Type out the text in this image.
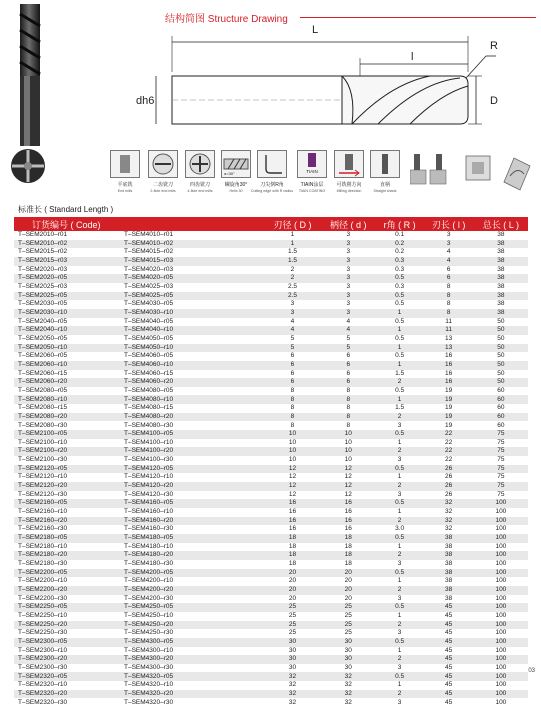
结构简图 Structure Drawing
L
l
R
dh6	D
α=30°	TIAIN
平底铣
End mills
二齿铣刀
2-flute end mills
四齿铣刀
4-flute end mills
螺旋角30°
Helix 30
刀尖倒R角
Cutting edge with R radius
TIAIN涂层
TIAIN COATING
可铣削方向
Milling direction
直柄
Straight shank
标准长 ( Standard Length )
订货编号 ( Code)		刃径 ( D )	柄径 ( d )	r角 ( R )	刃长 ( l )	总长 ( L )
T–SEM2010–r01	T–SEM4010–r01	1	3	0.1	3	38
T–SEM2010–r02	T–SEM4010–r02	1	3	0.2	3	38
T–SEM2015–r02	T–SEM4015–r02	1.5	3	0.2	4	38
T–SEM2015–r03	T–SEM4015–r03	1.5	3	0.3	4	38
T–SEM2020–r03	T–SEM4020–r03	2	3	0.3	6	38
T–SEM2020–r05	T–SEM4020–r05	2	3	0.5	6	38
T–SEM2025–r03	T–SEM4025–r03	2.5	3	0.3	8	38
T–SEM2025–r05	T–SEM4025–r05	2.5	3	0.5	8	38
T–SEM2030–r05	T–SEM4030–r05	3	3	0.5	8	38
T–SEM2030–r10	T–SEM4030–r10	3	3	1	8	38
T–SEM2040–r05	T–SEM4040–r05	4	4	0.5	11	50
T–SEM2040–r10	T–SEM4040–r10	4	4	1	11	50
T–SEM2050–r05	T–SEM4050–r05	5	5	0.5	13	50
T–SEM2050–r10	T–SEM4050–r10	5	5	1	13	50
T–SEM2060–r05	T–SEM4060–r05	6	6	0.5	16	50
T–SEM2060–r10	T–SEM4060–r10	6	6	1	16	50
T–SEM2060–r15	T–SEM4060–r15	6	6	1.5	16	50
T–SEM2060–r20	T–SEM4060–r20	6	6	2	16	50
T–SEM2080–r05	T–SEM4080–r05	8	8	0.5	19	60
T–SEM2080–r10	T–SEM4080–r10	8	8	1	19	60
T–SEM2080–r15	T–SEM4080–r15	8	8	1.5	19	60
T–SEM2080–r20	T–SEM4080–r20	8	8	2	19	60
T–SEM2080–r30	T–SEM4080–r30	8	8	3	19	60
T–SEM2100–r05	T–SEM4100–r05	10	10	0.5	22	75
T–SEM2100–r10	T–SEM4100–r10	10	10	1	22	75
T–SEM2100–r20	T–SEM4100–r20	10	10	2	22	75
T–SEM2100–r30	T–SEM4100–r30	10	10	3	22	75
T–SEM2120–r05	T–SEM4120–r05	12	12	0.5	26	75
T–SEM2120–r10	T–SEM4120–r10	12	12	1	26	75
T–SEM2120–r20	T–SEM4120–r20	12	12	2	26	75
T–SEM2120–r30	T–SEM4120–r30	12	12	3	26	75
T–SEM2160–r05	T–SEM4160–r05	16	16	0.5	32	100
T–SEM2160–r10	T–SEM4160–r10	16	16	1	32	100
T–SEM2160–r20	T–SEM4160–r20	16	16	2	32	100
T–SEM2160–r30	T–SEM4160–r30	16	16	3.0	32	100
T–SEM2180–r05	T–SEM4180–r05	18	18	0.5	38	100
T–SEM2180–r10	T–SEM4180–r10	18	18	1	38	100
T–SEM2180–r20	T–SEM4180–r20	18	18	2	38	100
T–SEM2180–r30	T–SEM4180–r30	18	18	3	38	100
T–SEM2200–r05	T–SEM4200–r05	20	20	0.5	38	100
T–SEM2200–r10	T–SEM4200–r10	20	20	1	38	100
T–SEM2200–r20	T–SEM4200–r20	20	20	2	38	100
T–SEM2200–r30	T–SEM4200–r30	20	20	3	38	100
T–SEM2250–r05	T–SEM4250–r05	25	25	0.5	45	100
T–SEM2250–r10	T–SEM4250–r10	25	25	1	45	100
T–SEM2250–r20	T–SEM4250–r20	25	25	2	45	100
T–SEM2250–r30	T–SEM4250–r30	25	25	3	45	100
T–SEM2300–r05	T–SEM4300–r05	30	30	0.5	45	100
T–SEM2300–r10	T–SEM4300–r10	30	30	1	45	100
T–SEM2300–r20	T–SEM4300–r20	30	30	2	45	100
T–SEM2300–r30	T–SEM4300–r30	30	30	3	45	100
T–SEM2320–r05	T–SEM4320–r05	32	32	0.5	45	100
T–SEM2320–r10	T–SEM4320–r10	32	32	1	45	100
T–SEM2320–r20	T–SEM4320–r20	32	32	2	45	100
T–SEM2320–r30	T–SEM4320–r30	32	32	3	45	100
03
